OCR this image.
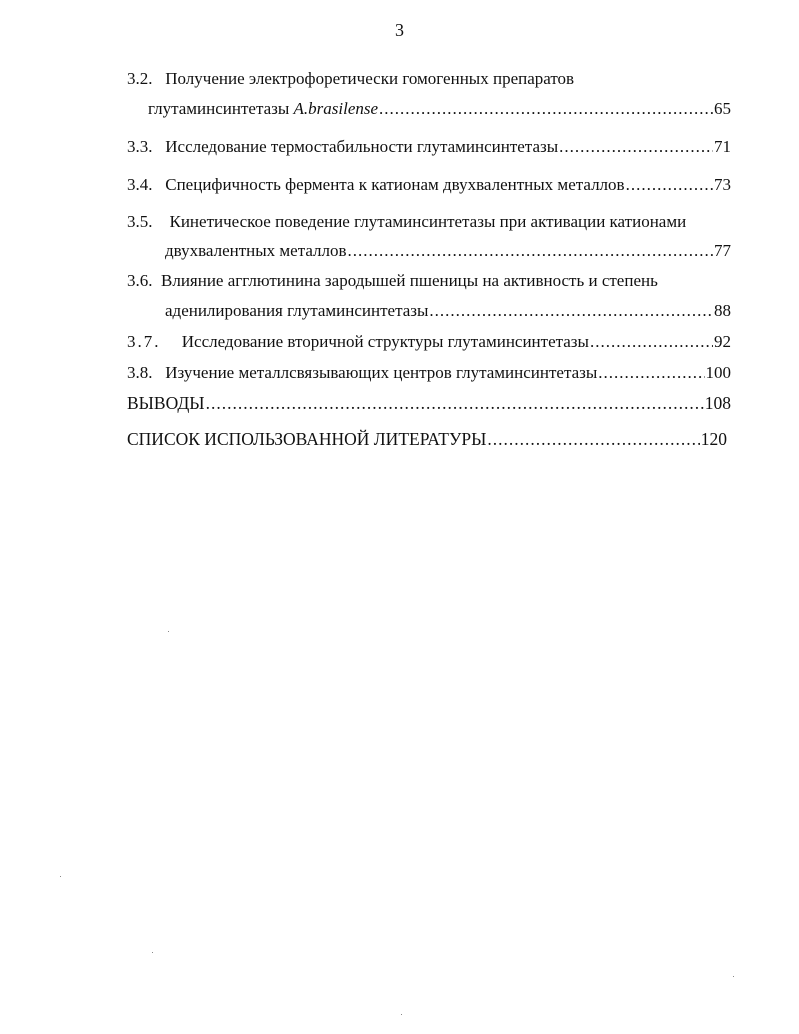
3
3.2. Получение электрофоретически гомогенных препаратов
глутаминсинтетазы A.brasilense .....	65
3.3. Исследование термостабильности глутаминсинтетазы .....	71
3.4. Специфичность фермента к катионам двухвалентных металлов .....	73
3.5. Кинетическое поведение глутаминсинтетазы при активации катионами
двухвалентных металлов .....	77
3.6. Влияние агглютинина зародышей пшеницы на активность и степень
аденилирования глутаминсинтетазы .....	88
3.7. Исследование вторичной структуры глутаминсинтетазы .....	92
3.8. Изучение металлсвязывающих центров глутаминсинтетазы .....	100
ВЫВОДЫ .....	108
СПИСОК ИСПОЛЬЗОВАННОЙ ЛИТЕРАТУРЫ .....	120
